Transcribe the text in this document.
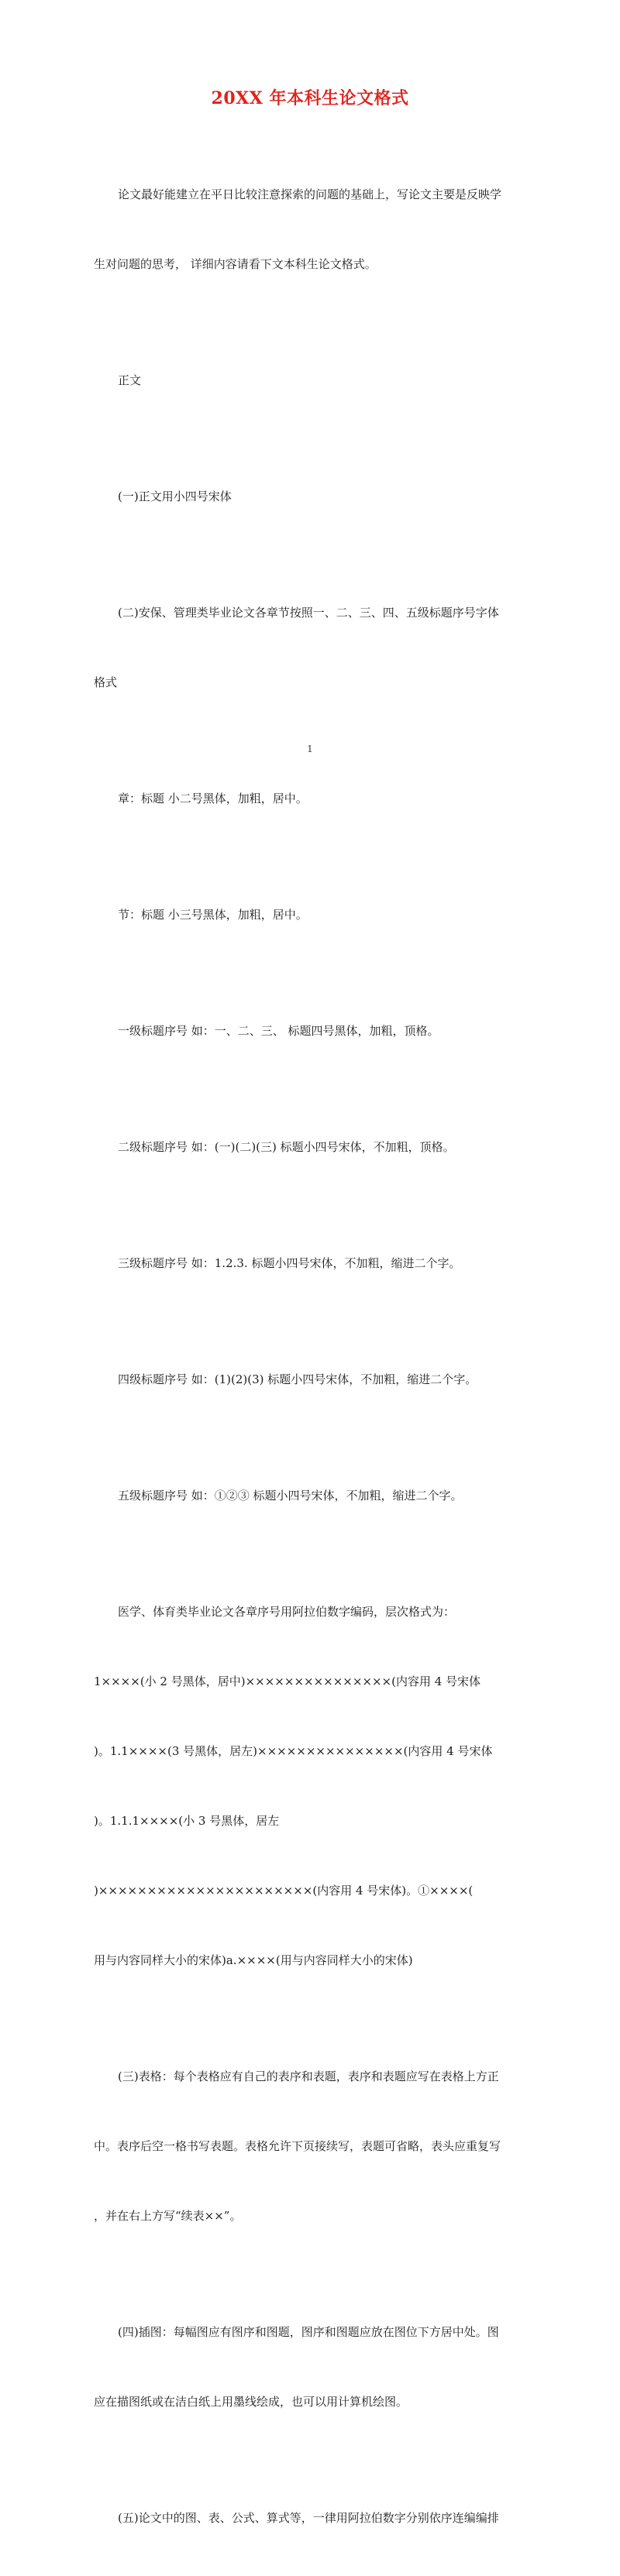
20XX 年本科生论文格式

论文最好能建立在平日比较注意探索的问题的基础上，写论文主要是反映学

生对问题的思考， 详细内容请看下文本科生论文格式。

正文

(一)正文用小四号宋体

(二)安保、管理类毕业论文各章节按照一、二、三、四、五级标题序号字体

格式

章：标题 小二号黑体，加粗，居中。

节：标题 小三号黑体，加粗，居中。

一级标题序号 如：一、二、三、 标题四号黑体，加粗，顶格。

二级标题序号 如：(一)(二)(三) 标题小四号宋体，不加粗，顶格。

三级标题序号 如：1.2.3. 标题小四号宋体，不加粗，缩进二个字。

四级标题序号 如：(1)(2)(3) 标题小四号宋体，不加粗，缩进二个字。

五级标题序号 如：①②③ 标题小四号宋体，不加粗，缩进二个字。

医学、体育类毕业论文各章序号用阿拉伯数字编码，层次格式为：

1××××(小 2 号黑体，居中)×××××××××××××××(内容用 4 号宋体

)。1.1××××(3 号黑体，居左)×××××××××××××××(内容用 4 号宋体

)。1.1.1××××(小 3 号黑体，居左

)××××××××××××××××××××××(内容用 4 号宋体)。①××××(

用与内容同样大小的宋体)a.××××(用与内容同样大小的宋体)

(三)表格：每个表格应有自己的表序和表题，表序和表题应写在表格上方正

中。表序后空一格书写表题。表格允许下页接续写，表题可省略，表头应重复写

，并在右上方写“续表××”。

(四)插图：每幅图应有图序和图题，图序和图题应放在图位下方居中处。图

应在描图纸或在洁白纸上用墨线绘成，也可以用计算机绘图。

(五)论文中的图、表、公式、算式等，一律用阿拉伯数字分别依序连编编排

1
